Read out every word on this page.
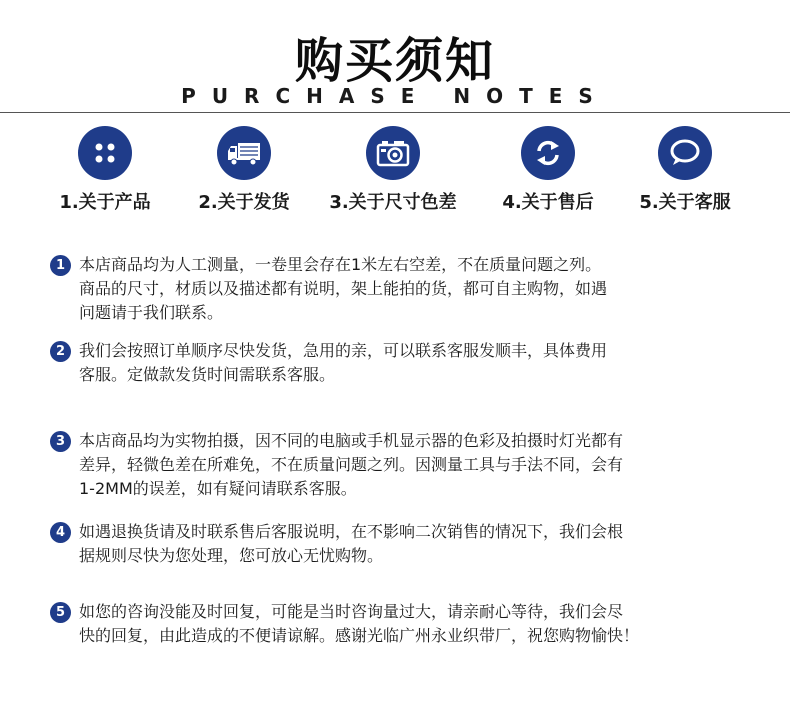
购买须知
PURCHASE NOTES
1.关于产品	2.关于发货	3.关于尺寸色差	4.关于售后	5.关于客服
1 本店商品均为人工测量，一卷里会存在1米左右空差，不在质量问题之列。
商品的尺寸，材质以及描述都有说明，架上能拍的货，都可自主购物，如遇
问题请于我们联系。
2 我们会按照订单顺序尽快发货，急用的亲，可以联系客服发顺丰，具体费用
客服。定做款发货时间需联系客服。
3 本店商品均为实物拍摄，因不同的电脑或手机显示器的色彩及拍摄时灯光都有
差异，轻微色差在所难免，不在质量问题之列。因测量工具与手法不同，会有
1-2MM的误差，如有疑问请联系客服。
4 如遇退换货请及时联系售后客服说明，在不影响二次销售的情况下，我们会根
据规则尽快为您处理，您可放心无忧购物。
5 如您的咨询没能及时回复，可能是当时咨询量过大，请亲耐心等待，我们会尽
快的回复，由此造成的不便请谅解。感谢光临广州永业织带厂，祝您购物愉快！
